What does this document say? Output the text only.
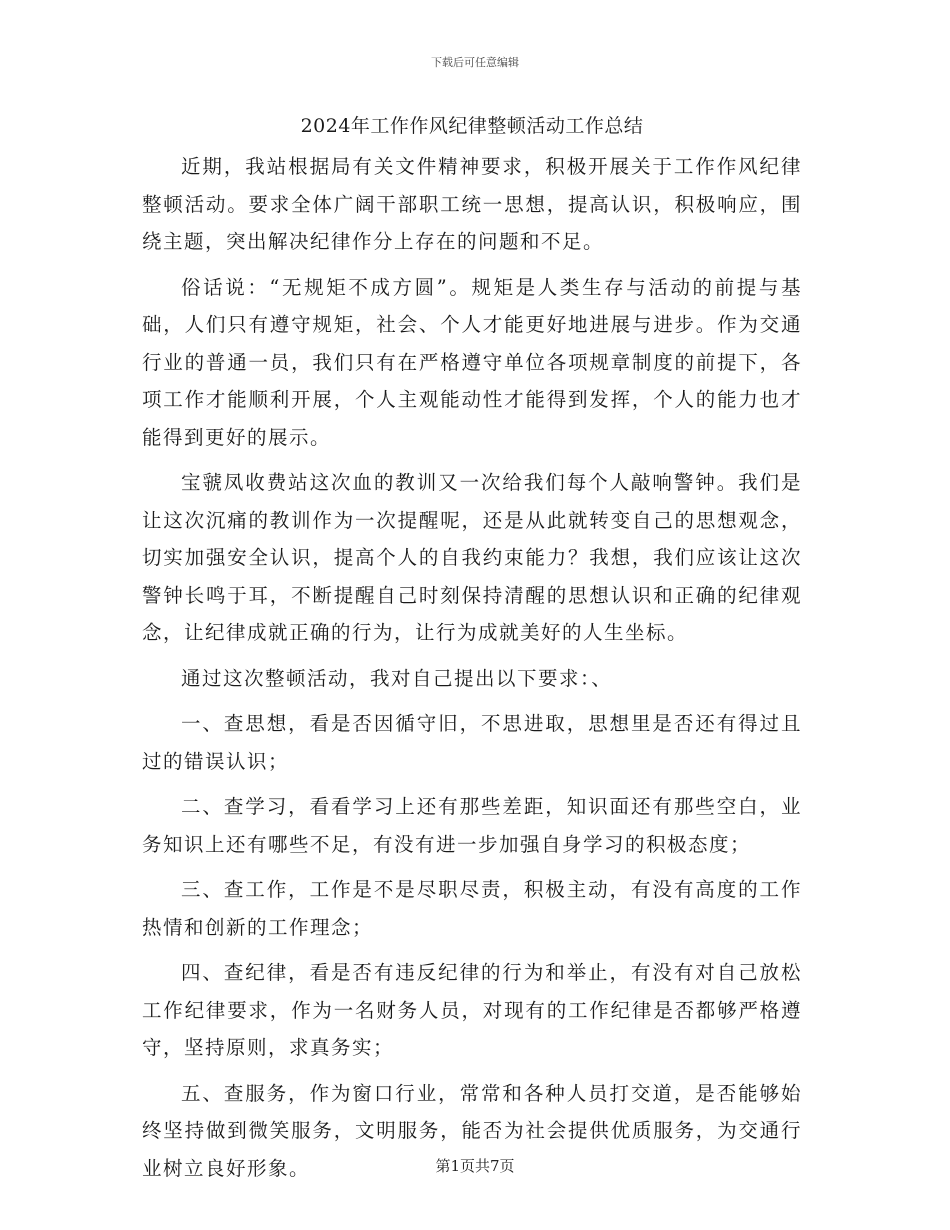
下载后可任意编辑
2024年工作作风纪律整顿活动工作总结

近期，我站根据局有关文件精神要求，积极开展关于工作作风纪律整顿活动。要求全体广阔干部职工统一思想，提高认识，积极响应，围绕主题，突出解决纪律作分上存在的问题和不足。

俗话说：“无规矩不成方圆”。规矩是人类生存与活动的前提与基础，人们只有遵守规矩，社会、个人才能更好地进展与进步。作为交通行业的普通一员，我们只有在严格遵守单位各项规章制度的前提下，各项工作才能顺利开展，个人主观能动性才能得到发挥，个人的能力也才能得到更好的展示。

宝虢凤收费站这次血的教训又一次给我们每个人敲响警钟。我们是让这次沉痛的教训作为一次提醒呢，还是从此就转变自己的思想观念，切实加强安全认识，提高个人的自我约束能力？我想，我们应该让这次警钟长鸣于耳，不断提醒自己时刻保持清醒的思想认识和正确的纪律观念，让纪律成就正确的行为，让行为成就美好的人生坐标。

通过这次整顿活动，我对自己提出以下要求：、

一、查思想，看是否因循守旧，不思进取，思想里是否还有得过且过的错误认识；

二、查学习，看看学习上还有那些差距，知识面还有那些空白，业务知识上还有哪些不足，有没有进一步加强自身学习的积极态度；

三、查工作，工作是不是尽职尽责，积极主动，有没有高度的工作热情和创新的工作理念；

四、查纪律，看是否有违反纪律的行为和举止，有没有对自己放松工作纪律要求，作为一名财务人员，对现有的工作纪律是否都够严格遵守，坚持原则，求真务实；

五、查服务，作为窗口行业，常常和各种人员打交道，是否能够始终坚持做到微笑服务，文明服务，能否为社会提供优质服务，为交通行业树立良好形象。	第1页共7页
